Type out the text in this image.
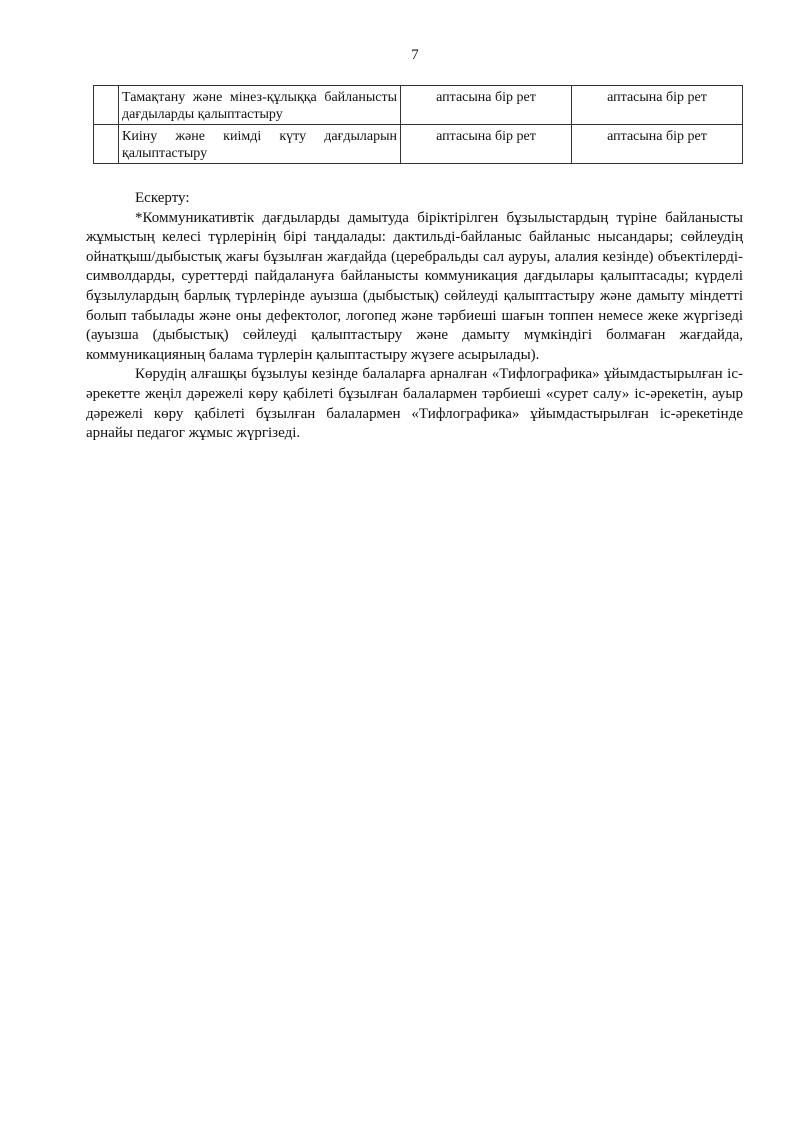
7
	Тамақтану және мінез-құлыққа байланысты дағдыларды қалыптастыру	аптасына бір рет	аптасына бір рет
	Киіну және киімді күту дағдыларын қалыптастыру	аптасына бір рет	аптасына бір рет

Ескерту:

*Коммуникативтік дағдыларды дамытуда біріктірілген бұзылыстардың түріне байланысты жұмыстың келесі түрлерінің бірі таңдалады: дактильді-байланыс байланыс нысандары; сөйлеудің ойнатқыш/дыбыстық жағы бұзылған жағдайда (церебральды сал ауруы, алалия кезінде) объектілерді-символдарды, суреттерді пайдалануға байланысты коммуникация дағдылары қалыптасады; күрделі бұзылулардың барлық түрлерінде ауызша (дыбыстық) сөйлеуді қалыптастыру және дамыту міндетті болып табылады және оны дефектолог, логопед және тәрбиеші шағын топпен немесе жеке жүргізеді (ауызша (дыбыстық) сөйлеуді қалыптастыру және дамыту мүмкіндігі болмаған жағдайда, коммуникацияның балама түрлерін қалыптастыру жүзеге асырылады).

Көрудің алғашқы бұзылуы кезінде балаларға арналған «Тифлографика» ұйымдастырылған іс-әрекетте жеңіл дәрежелі көру қабілеті бұзылған балалармен тәрбиеші «сурет салу» іс-әрекетін, ауыр дәрежелі көру қабілеті бұзылған балалармен «Тифлографика» ұйымдастырылған іс-әрекетінде арнайы педагог жұмыс жүргізеді.
